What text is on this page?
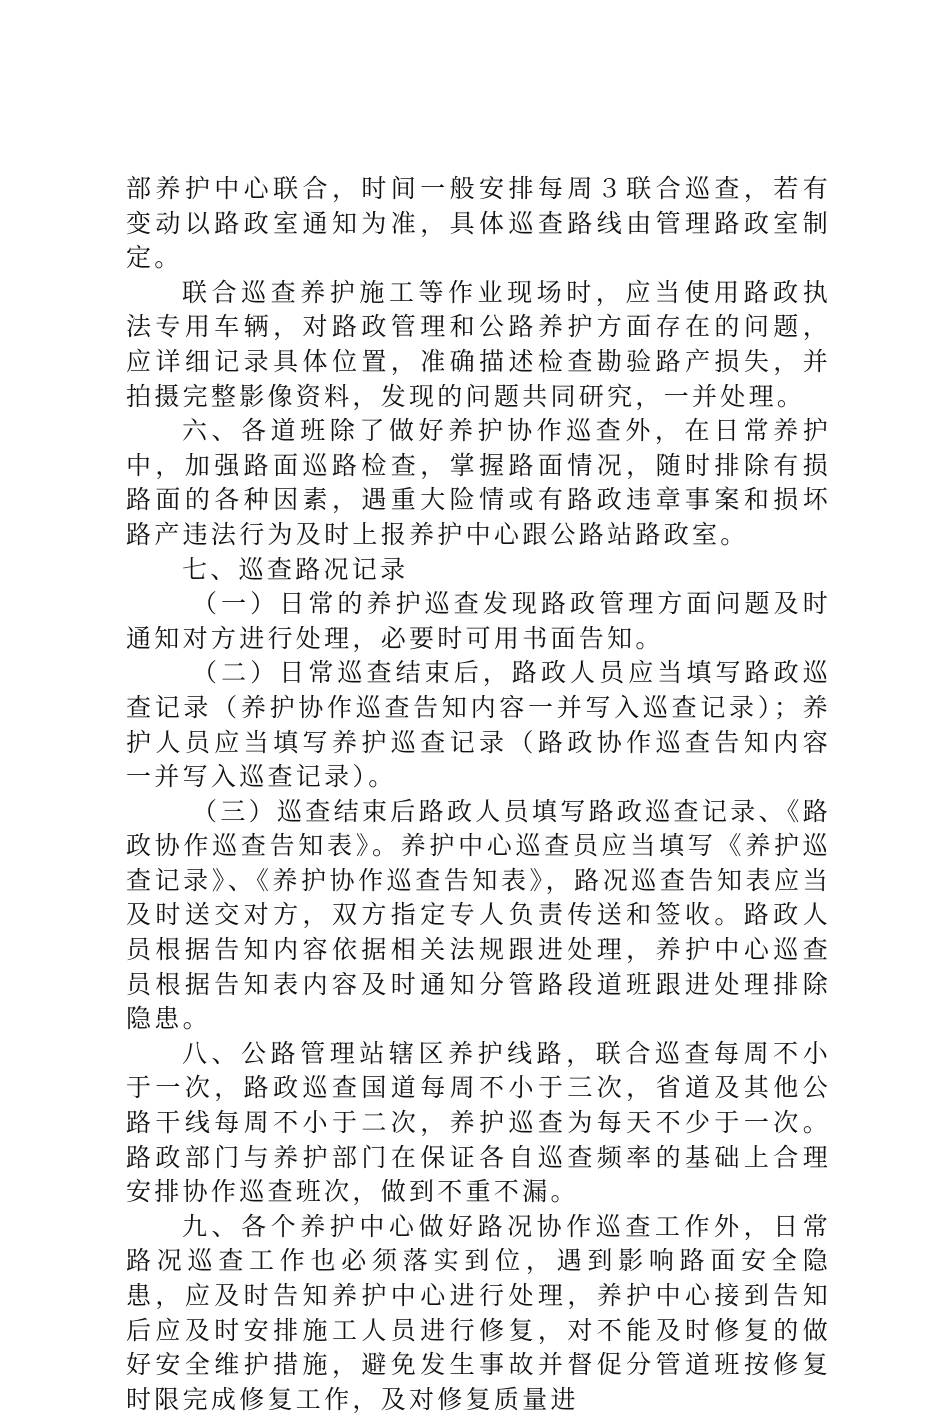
部养护中心联合，时间一般安排每周３联合巡查，若有变动以路政室通知为准，具体巡查路线由管理路政室制定。

联合巡查养护施工等作业现场时，应当使用路政执法专用车辆，对路政管理和公路养护方面存在的问题，应详细记录具体位置，准确描述检查勘验路产损失，并拍摄完整影像资料，发现的问题共同研究，一并处理。

六、各道班除了做好养护协作巡查外，在日常养护中，加强路面巡路检查，掌握路面情况，随时排除有损路面的各种因素，遇重大险情或有路政违章事案和损坏路产违法行为及时上报养护中心跟公路站路政室。

七、巡查路况记录

（一）日常的养护巡查发现路政管理方面问题及时通知对方进行处理，必要时可用书面告知。

（二）日常巡查结束后，路政人员应当填写路政巡查记录（养护协作巡查告知内容一并写入巡查记录）；养护人员应当填写养护巡查记录（路政协作巡查告知内容一并写入巡查记录）。

（三）巡查结束后路政人员填写路政巡查记录、《路政协作巡查告知表》。养护中心巡查员应当填写《养护巡查记录》、《养护协作巡查告知表》，路况巡查告知表应当及时送交对方，双方指定专人负责传送和签收。路政人员根据告知内容依据相关法规跟进处理，养护中心巡查员根据告知表内容及时通知分管路段道班跟进处理排除隐患。

八、公路管理站辖区养护线路，联合巡查每周不小于一次，路政巡查国道每周不小于三次，省道及其他公路干线每周不小于二次，养护巡查为每天不少于一次。路政部门与养护部门在保证各自巡查频率的基础上合理安排协作巡查班次，做到不重不漏。

九、各个养护中心做好路况协作巡查工作外，日常路况巡查工作也必须落实到位，遇到影响路面安全隐患，应及时告知养护中心进行处理，养护中心接到告知后应及时安排施工人员进行修复，对不能及时修复的做好安全维护措施，避免发生事故并督促分管道班按修复时限完成修复工作，及对修复质量进
